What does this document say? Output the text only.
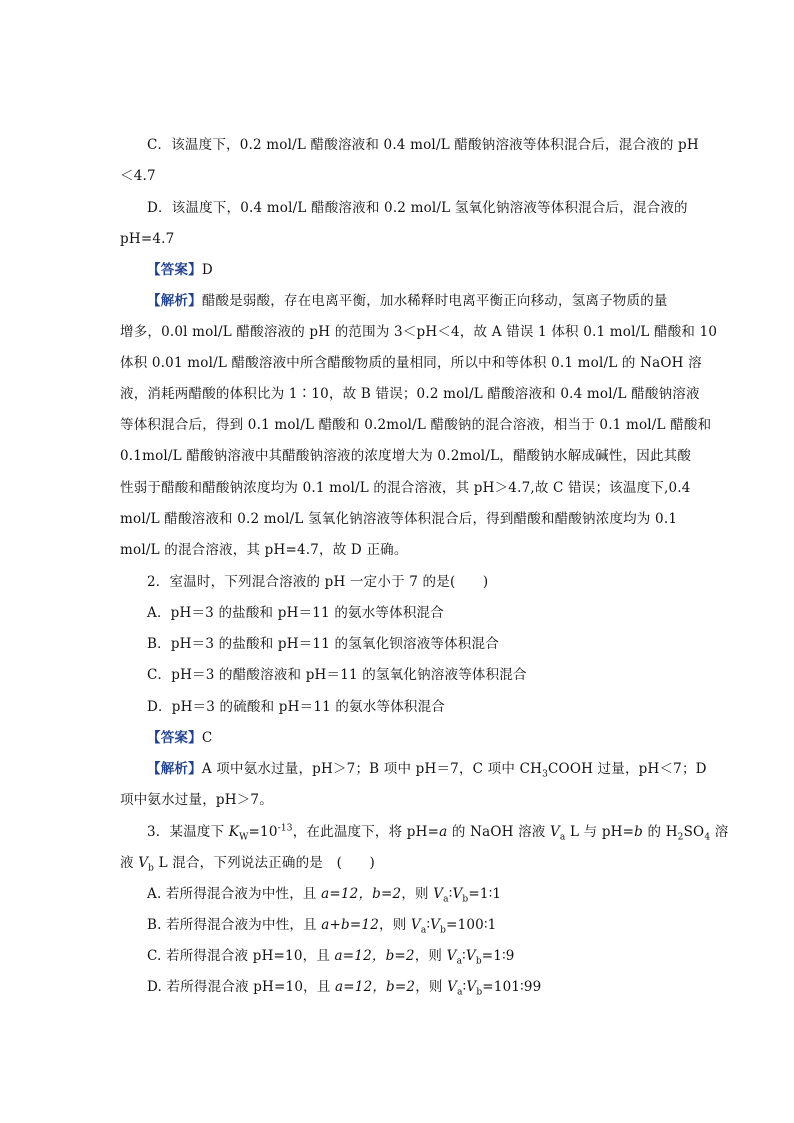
C．该温度下，0.2 mol/L 醋酸溶液和 0.4 mol/L 醋酸钠溶液等体积混合后，混合液的 pH
＜4.7
D．该温度下，0.4 mol/L 醋酸溶液和 0.2 mol/L 氢氧化钠溶液等体积混合后，混合液的
pH=4.7
【答案】D
【解析】醋酸是弱酸，存在电离平衡，加水稀释时电离平衡正向移动，氢离子物质的量
增多，0.0l mol/L 醋酸溶液的 pH 的范围为 3＜pH＜4，故 A 错误 1 体积 0.1 mol/L 醋酸和 10
体积 0.01 mol/L 醋酸溶液中所含醋酸物质的量相同，所以中和等体积 0.1 mol/L 的 NaOH 溶
液，消耗两醋酸的体积比为 1∶10，故 B 错误；0.2 mol/L 醋酸溶液和 0.4 mol/L 醋酸钠溶液
等体积混合后，得到 0.1 mol/L 醋酸和 0.2mol/L 醋酸钠的混合溶液，相当于 0.1 mol/L 醋酸和
0.1mol/L 醋酸钠溶液中其醋酸钠溶液的浓度增大为 0.2mol/L，醋酸钠水解成碱性，因此其酸
性弱于醋酸和醋酸钠浓度均为 0.1 mol/L 的混合溶液，其 pH＞4.7,故 C 错误；该温度下,0.4
mol/L 醋酸溶液和 0.2 mol/L 氢氧化钠溶液等体积混合后，得到醋酸和醋酸钠浓度均为 0.1
mol/L 的混合溶液，其 pH=4.7，故 D 正确。
2．室温时，下列混合溶液的 pH 一定小于 7 的是(　　)
A．pH＝3 的盐酸和 pH＝11 的氨水等体积混合
B．pH＝3 的盐酸和 pH＝11 的氢氧化钡溶液等体积混合
C．pH＝3 的醋酸溶液和 pH＝11 的氢氧化钠溶液等体积混合
D．pH＝3 的硫酸和 pH＝11 的氨水等体积混合
【答案】C
【解析】A 项中氨水过量，pH＞7；B 项中 pH＝7，C 项中 $CH_3COOH$ 过量，pH＜7；D
项中氨水过量，pH＞7。
3．某温度下 $K_W=10^{-13}$，在此温度下，将 pH=a 的 NaOH 溶液 $V_a$ L 与 pH=b 的 $H_2SO_4$ 溶
液 $V_b$ L 混合，下列说法正确的是　(　　)
A. 若所得混合液为中性，且 a=12，b=2，则 $V_a∶V_b=1∶1$
B. 若所得混合液为中性，且 a+b=12，则 $V_a∶V_b=100∶1$
C. 若所得混合液 pH=10，且 a=12，b=2，则 $V_a∶V_b=1∶9$
D. 若所得混合液 pH=10，且 a=12，b=2，则 $V_a∶V_b=101∶99$
